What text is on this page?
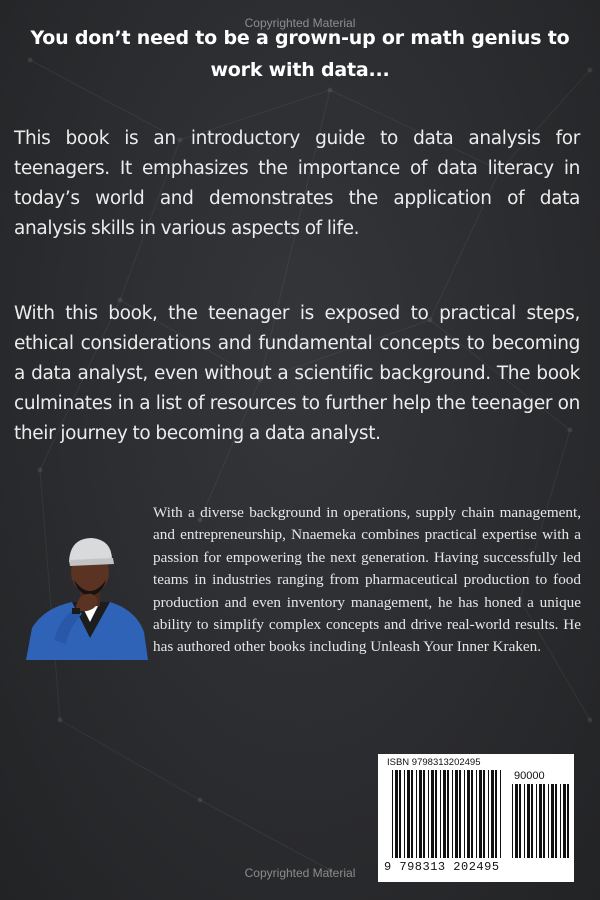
Copyrighted Material
You don’t need to be a grown-up or math genius to
work with data...
This book is an introductory guide to data analysis for teenagers. It emphasizes the importance of data literacy in today’s world and demonstrates the application of data analysis skills in various aspects of life.
With this book, the teenager is exposed to practical steps, ethical considerations and fundamental concepts to becoming a data analyst, even without a scientific background. The book culminates in a list of resources to further help the teenager on their journey to becoming a data analyst.
With a diverse background in operations, supply chain management, and entrepreneurship, Nnaemeka combines practical expertise with a passion for empowering the next generation. Having successfully led teams in industries ranging from pharmaceutical production to food production and even inventory management, he has honed a unique ability to simplify complex concepts and drive real-world results. He has authored other books including Unleash Your Inner Kraken.
ISBN 9798313202495
90000
9 798313 202495
Copyrighted Material
